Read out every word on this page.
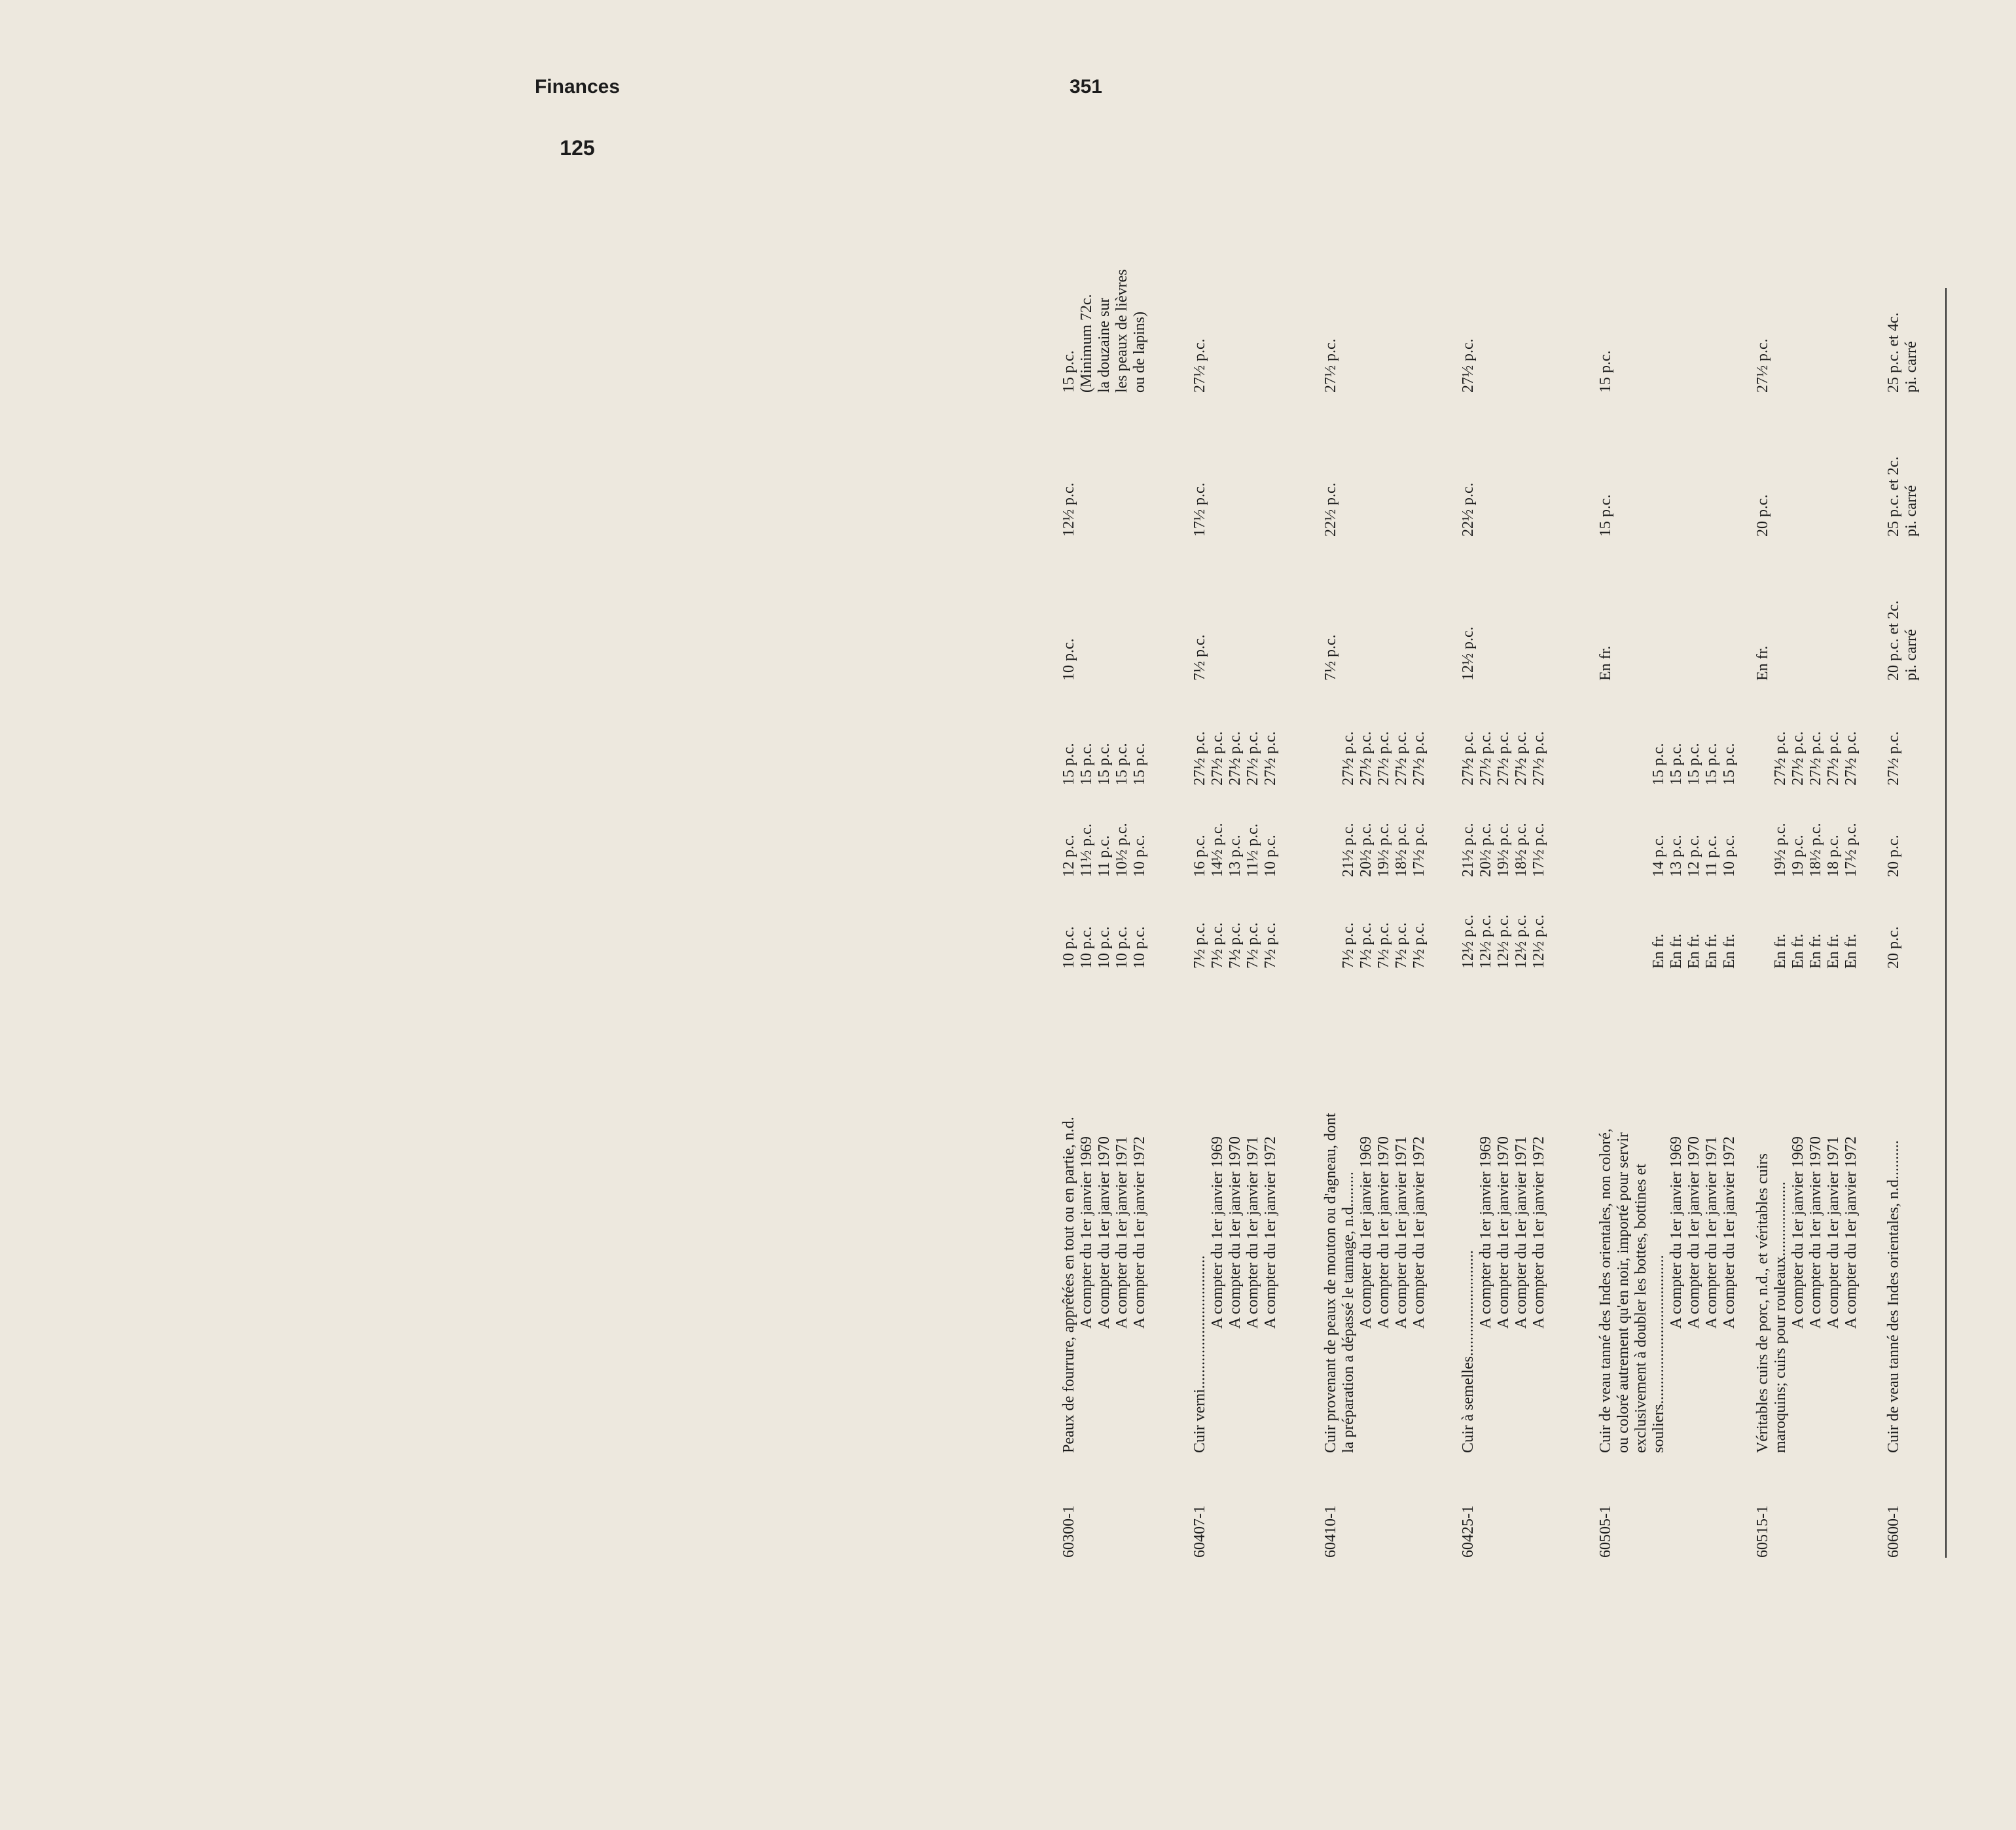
Finances	351
125
60300-1
Peaux de fourrure, apprêtées en tout ou en partie, n.d. A compter du 1er janvier 1969 A compter du 1er janvier 1970 A compter du 1er janvier 1971 A compter du 1er janvier 1972
10 p.c. 10 p.c. 10 p.c. 10 p.c. 10 p.c.
12 p.c. 11½ p.c. 11 p.c. 10½ p.c. 10 p.c.
15 p.c. 15 p.c. 15 p.c. 15 p.c. 15 p.c.
10 p.c.
12½ p.c.
15 p.c. (Minimum 72c. la douzaine sur les peaux de lièvres ou de lapins)
60407-1
Cuir verni..................................
A compter du 1er janvier 1969 A compter du 1er janvier 1970 A compter du 1er janvier 1971 A compter du 1er janvier 1972
7½ p.c. 7½ p.c. 7½ p.c. 7½ p.c. 7½ p.c.
16 p.c. 14½ p.c. 13 p.c. 11½ p.c. 10 p.c.
27½ p.c. 27½ p.c. 27½ p.c. 27½ p.c. 27½ p.c.
7½ p.c.
17½ p.c.
27½ p.c.
60410-1
Cuir provenant de peaux de mouton ou d'agneau, dont la préparation a dépassé le tannage, n.d......... A compter du 1er janvier 1969 A compter du 1er janvier 1970 A compter du 1er janvier 1971 A compter du 1er janvier 1972
7½ p.c. 7½ p.c. 7½ p.c. 7½ p.c. 7½ p.c.
21½ p.c. 20½ p.c. 19½ p.c. 18½ p.c. 17½ p.c.
27½ p.c. 27½ p.c. 27½ p.c. 27½ p.c. 27½ p.c.
7½ p.c.
22½ p.c.
27½ p.c.
60425-1
Cuir à semelles...........................
A compter du 1er janvier 1969 A compter du 1er janvier 1970 A compter du 1er janvier 1971 A compter du 1er janvier 1972
12½ p.c. 12½ p.c. 12½ p.c. 12½ p.c. 12½ p.c.
21½ p.c. 20½ p.c. 19½ p.c. 18½ p.c. 17½ p.c.
27½ p.c. 27½ p.c. 27½ p.c. 27½ p.c. 27½ p.c.
12½ p.c.
22½ p.c.
27½ p.c.
60505-1
Cuir de veau tanné des Indes orientales, non coloré, ou coloré autrement qu'en noir, importé pour servir exclusivement à doubler les bottes, bottines et souliers......................................
A compter du 1er janvier 1969 A compter du 1er janvier 1970 A compter du 1er janvier 1971 A compter du 1er janvier 1972
En fr. En fr. En fr. En fr. En fr.
14 p.c. 13 p.c. 12 p.c. 11 p.c. 10 p.c.
15 p.c. 15 p.c. 15 p.c. 15 p.c. 15 p.c.
En fr.
15 p.c.
15 p.c.
60515-1
Véritables cuirs de porc, n.d., et véritables cuirs maroquins; cuirs pour rouleaux................... A compter du 1er janvier 1969 A compter du 1er janvier 1970 A compter du 1er janvier 1971 A compter du 1er janvier 1972
En fr. En fr. En fr. En fr. En fr.
19½ p.c. 19 p.c. 18½ p.c. 18 p.c. 17½ p.c.
27½ p.c. 27½ p.c. 27½ p.c. 27½ p.c. 27½ p.c.
En fr.
20 p.c.
27½ p.c.
60600-1
Cuir de veau tanné des Indes orientales, n.d..........
20 p.c.
20 p.c.
27½ p.c.
20 p.c. et 2c. pi. carré
25 p.c. et 2c. pi. carré
25 p.c. et 4c. pi. carré
